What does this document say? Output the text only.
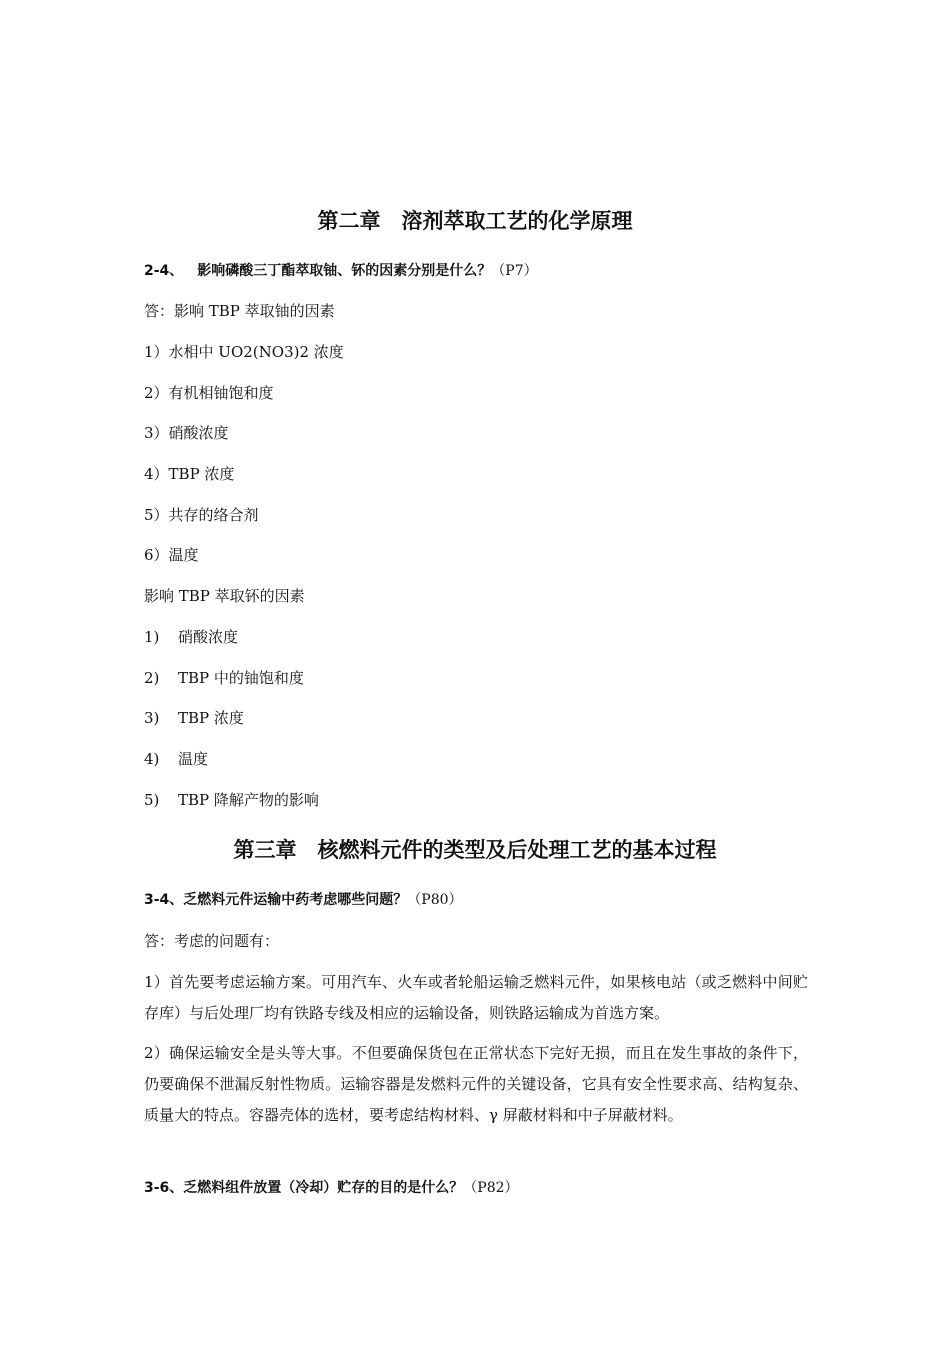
第二章　溶剂萃取工艺的化学原理
2-4、 影响磷酸三丁酯萃取铀、钚的因素分别是什么？（P7）
答：影响 TBP 萃取铀的因素
1）水相中 UO2(NO3)2 浓度
2）有机相铀饱和度
3）硝酸浓度
4）TBP 浓度
5）共存的络合剂
6）温度
影响 TBP 萃取钚的因素
1) 硝酸浓度
2) TBP 中的铀饱和度
3) TBP 浓度
4) 温度
5) TBP 降解产物的影响
第三章　核燃料元件的类型及后处理工艺的基本过程
3-4、乏燃料元件运输中药考虑哪些问题？（P80）
答：考虑的问题有：
1）首先要考虑运输方案。可用汽车、火车或者轮船运输乏燃料元件，如果核电站（或乏燃料中间贮存库）与后处理厂均有铁路专线及相应的运输设备，则铁路运输成为首选方案。
2）确保运输安全是头等大事。不但要确保货包在正常状态下完好无损，而且在发生事故的条件下，仍要确保不泄漏反射性物质。运输容器是发燃料元件的关键设备，它具有安全性要求高、结构复杂、质量大的特点。容器壳体的选材，要考虑结构材料、γ 屏蔽材料和中子屏蔽材料。
3-6、乏燃料组件放置（冷却）贮存的目的是什么？（P82）
